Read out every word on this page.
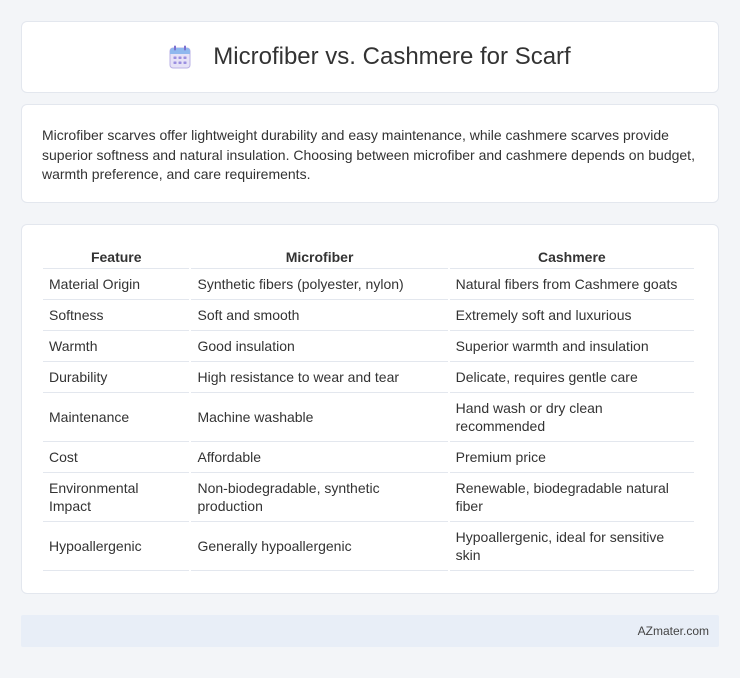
Microfiber vs. Cashmere for Scarf

Microfiber scarves offer lightweight durability and easy maintenance, while cashmere scarves provide superior softness and natural insulation. Choosing between microfiber and cashmere depends on budget, warmth preference, and care requirements.

Feature	Microfiber	Cashmere
Material Origin	Synthetic fibers (polyester, nylon)	Natural fibers from Cashmere goats
Softness	Soft and smooth	Extremely soft and luxurious
Warmth	Good insulation	Superior warmth and insulation
Durability	High resistance to wear and tear	Delicate, requires gentle care
Maintenance	Machine washable	Hand wash or dry clean recommended
Cost	Affordable	Premium price
Environmental Impact	Non-biodegradable, synthetic production	Renewable, biodegradable natural fiber
Hypoallergenic	Generally hypoallergenic	Hypoallergenic, ideal for sensitive skin
AZmater.com
